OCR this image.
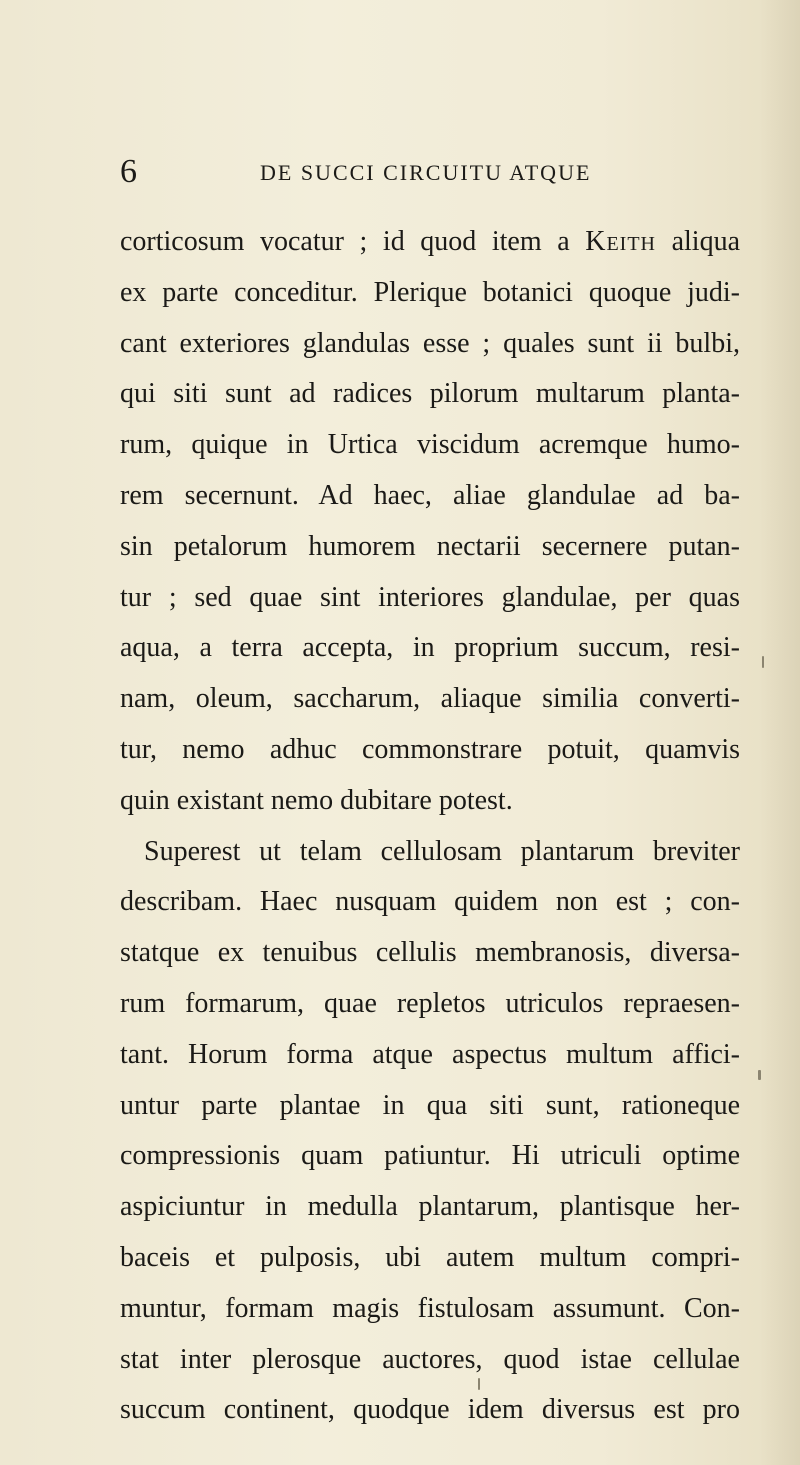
6	DE SUCCI CIRCUITU ATQUE
corticosum vocatur ; id quod item a Keith aliqua
ex parte conceditur. Plerique botanici quoque judi-
cant exteriores glandulas esse ; quales sunt ii bulbi,
qui siti sunt ad radices pilorum multarum planta-
rum, quique in Urtica viscidum acremque humo-
rem secernunt. Ad haec, aliae glandulae ad ba-
sin petalorum humorem nectarii secernere putan-
tur ; sed quae sint interiores glandulae, per quas
aqua, a terra accepta, in proprium succum, resi-
nam, oleum, saccharum, aliaque similia converti-
tur, nemo adhuc commonstrare potuit, quamvis
quin existant nemo dubitare potest.
Superest ut telam cellulosam plantarum breviter
describam. Haec nusquam quidem non est ; con-
statque ex tenuibus cellulis membranosis, diversa-
rum formarum, quae repletos utriculos repraesen-
tant. Horum forma atque aspectus multum affici-
untur parte plantae in qua siti sunt, rationeque
compressionis quam patiuntur. Hi utriculi optime
aspiciuntur in medulla plantarum, plantisque her-
baceis et pulposis, ubi autem multum compri-
muntur, formam magis fistulosam assumunt. Con-
stat inter plerosque auctores, quod istae cellulae
succum continent, quodque idem diversus est pro
